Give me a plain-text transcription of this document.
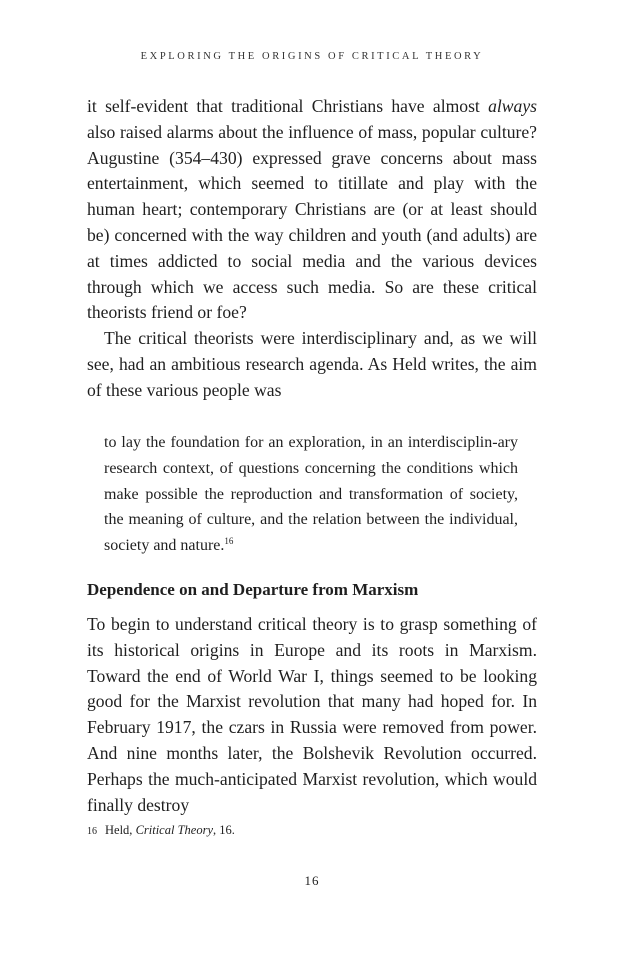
EXPLORING THE ORIGINS OF CRITICAL THEORY

it self-evident that traditional Christians have almost always also raised alarms about the influence of mass, popular culture? Augustine (354–430) expressed grave concerns about mass entertainment, which seemed to titillate and play with the human heart; contemporary Christians are (or at least should be) concerned with the way children and youth (and adults) are at times addicted to social media and the various devices through which we access such media. So are these critical theorists friend or foe?

The critical theorists were interdisciplinary and, as we will see, had an ambitious research agenda. As Held writes, the aim of these various people was

to lay the foundation for an exploration, in an interdisciplin-ary research context, of questions concerning the conditions which make possible the reproduction and transformation of society, the meaning of culture, and the relation between the individual, society and nature.$^{16}$

Dependence on and Departure from Marxism

To begin to understand critical theory is to grasp something of its historical origins in Europe and its roots in Marxism. Toward the end of World War I, things seemed to be looking good for the Marxist revolution that many had hoped for. In February 1917, the czars in Russia were removed from power. And nine months later, the Bolshevik Revolution occurred. Perhaps the much-anticipated Marxist revolution, which would finally destroy

16 Held, Critical Theory, 16.
16
